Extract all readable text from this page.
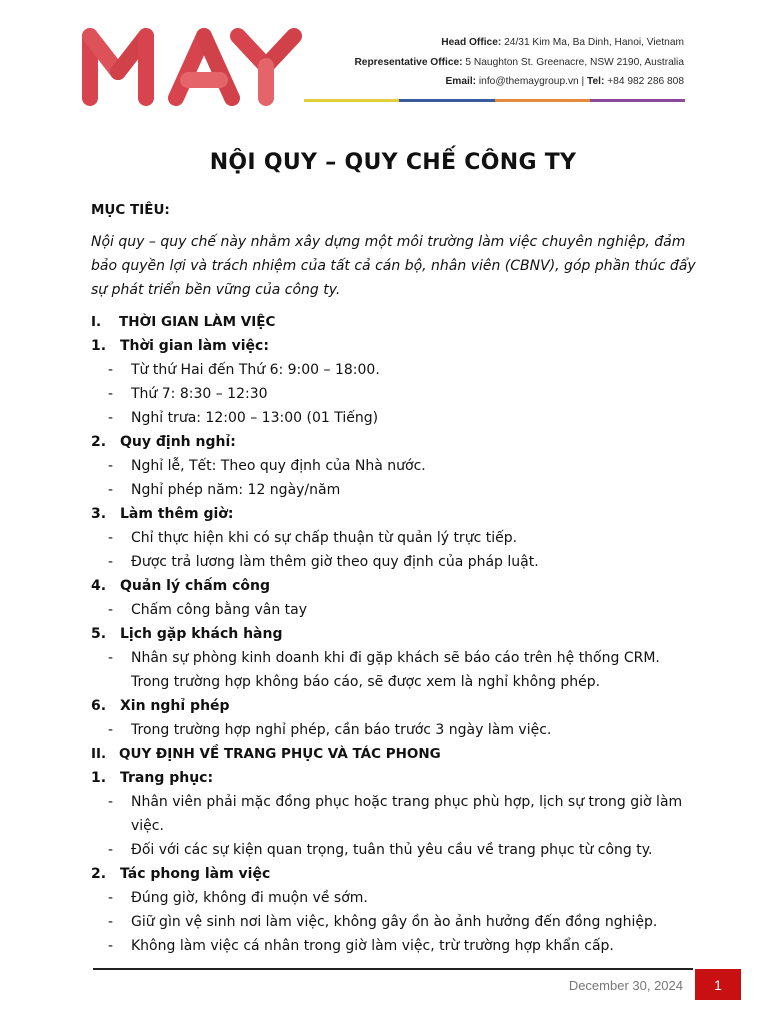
Head Office: 24/31 Kim Ma, Ba Dinh, Hanoi, Vietnam
Representative Office: 5 Naughton St. Greenacre, NSW 2190, Australia
Email: info@themaygroup.vn | Tel: +84 982 286 808
NỘI QUY – QUY CHẾ CÔNG TY
MỤC TIÊU:
Nội quy – quy chế này nhằm xây dựng một môi trường làm việc chuyên nghiệp, đảm bảo quyền lợi và trách nhiệm của tất cả cán bộ, nhân viên (CBNV), góp phần thúc đẩy sự phát triển bền vững của công ty.
I.	THỜI GIAN LÀM VIỆC
1. Thời gian làm việc:
-	Từ thứ Hai đến Thứ 6: 9:00 – 18:00.
-	Thứ 7: 8:30 – 12:30
-	Nghỉ trưa: 12:00 – 13:00 (01 Tiếng)
2. Quy định nghỉ:
-	Nghỉ lễ, Tết: Theo quy định của Nhà nước.
-	Nghỉ phép năm: 12 ngày/năm
3. Làm thêm giờ:
-	Chỉ thực hiện khi có sự chấp thuận từ quản lý trực tiếp.
-	Được trả lương làm thêm giờ theo quy định của pháp luật.
4. Quản lý chấm công
-	Chấm công bằng vân tay
5. Lịch gặp khách hàng
-	Nhân sự phòng kinh doanh khi đi gặp khách sẽ báo cáo trên hệ thống CRM. Trong trường hợp không báo cáo, sẽ được xem là nghỉ không phép.
6. Xin nghỉ phép
-	Trong trường hợp nghỉ phép, cần báo trước 3 ngày làm việc.
II. QUY ĐỊNH VỀ TRANG PHỤC VÀ TÁC PHONG
1. Trang phục:
-	Nhân viên phải mặc đồng phục hoặc trang phục phù hợp, lịch sự trong giờ làm việc.
-	Đối với các sự kiện quan trọng, tuân thủ yêu cầu về trang phục từ công ty.
2. Tác phong làm việc
-	Đúng giờ, không đi muộn về sớm.
-	Giữ gìn vệ sinh nơi làm việc, không gây ồn ào ảnh hưởng đến đồng nghiệp.
-	Không làm việc cá nhân trong giờ làm việc, trừ trường hợp khẩn cấp.
December 30, 2024 1
